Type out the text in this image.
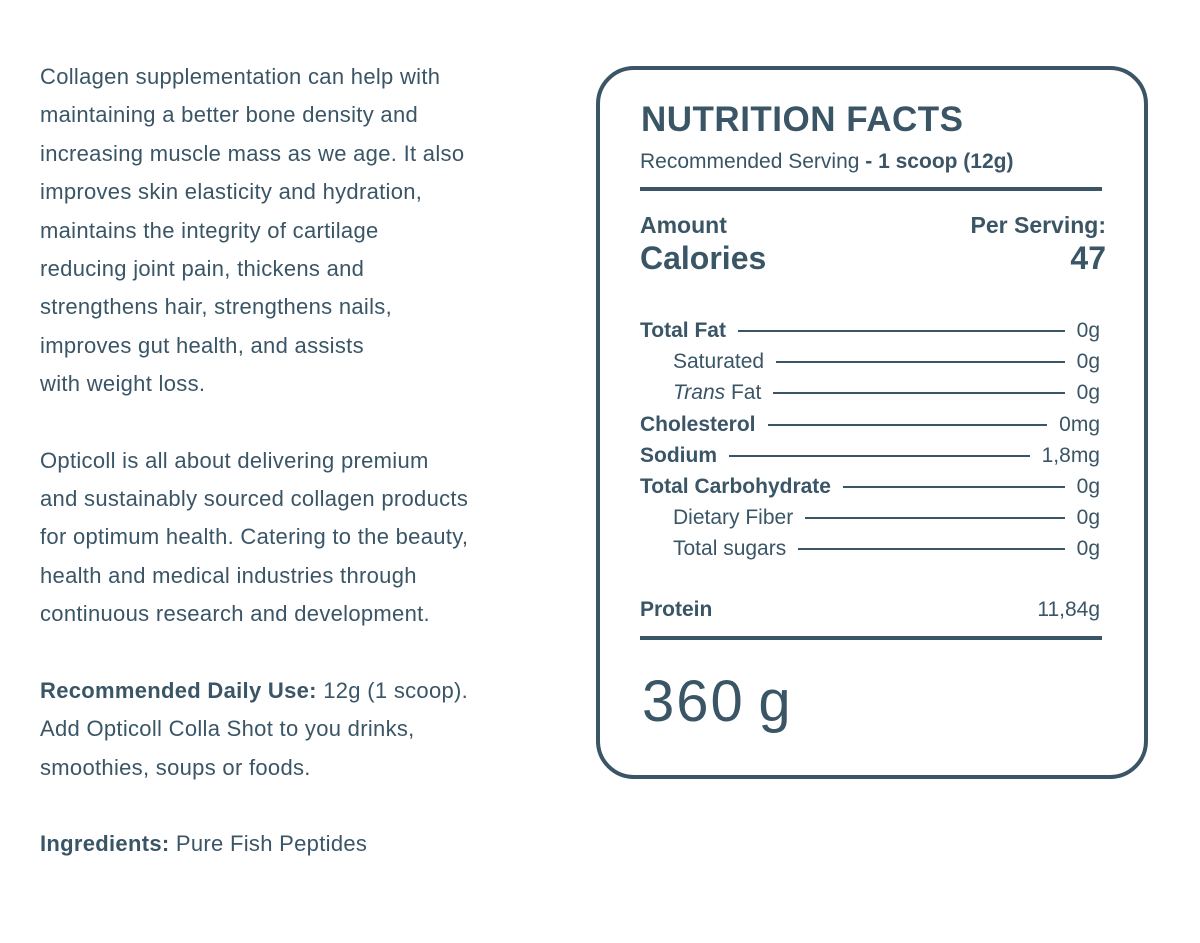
Collagen supplementation can help with

maintaining a better bone density and

increasing muscle mass as we age. It also

improves skin elasticity and hydration,

maintains the integrity of cartilage

reducing joint pain, thickens and

strengthens hair, strengthens nails,

improves gut health, and assists

with weight loss.

Opticoll is all about delivering premium

and sustainably sourced collagen products

for optimum health. Catering to the beauty,

health and medical industries through

continuous research and development.

Recommended Daily Use: 12g (1 scoop).

Add Opticoll Colla Shot to you drinks,

smoothies, soups or foods.

Ingredients: Pure Fish Peptides

NUTRITION FACTS
Recommended Serving - 1 scoop (12g)
Amount	Per Serving:
Calories	47
Total Fat	0g
Saturated	0g
Trans Fat	0g
Cholesterol	0mg
Sodium	1,8mg
Total Carbohydrate	0g
Dietary Fiber	0g
Total sugars	0g
Protein	11,84g
360 g
